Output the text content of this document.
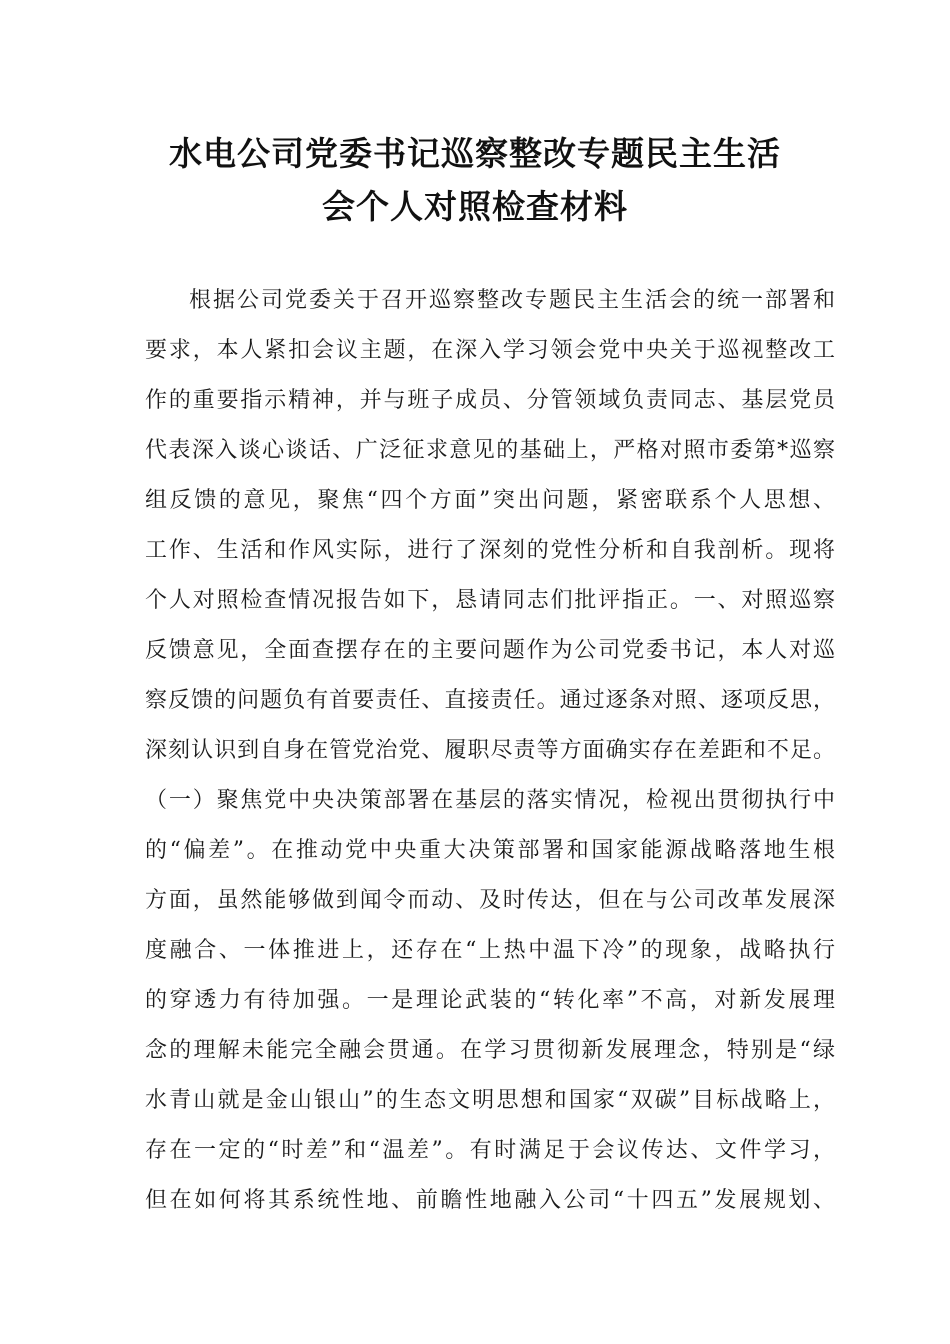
水电公司党委书记巡察整改专题民主生活
会个人对照检查材料
根据公司党委关于召开巡察整改专题民主生活会的统一部署和
要求，本人紧扣会议主题，在深入学习领会党中央关于巡视整改工
作的重要指示精神，并与班子成员、分管领域负责同志、基层党员
代表深入谈心谈话、广泛征求意见的基础上，严格对照市委第*巡察
组反馈的意见，聚焦“四个方面”突出问题，紧密联系个人思想、
工作、生活和作风实际，进行了深刻的党性分析和自我剖析。现将
个人对照检查情况报告如下，恳请同志们批评指正。一、对照巡察
反馈意见，全面查摆存在的主要问题作为公司党委书记，本人对巡
察反馈的问题负有首要责任、直接责任。通过逐条对照、逐项反思，
深刻认识到自身在管党治党、履职尽责等方面确实存在差距和不足。
（一）聚焦党中央决策部署在基层的落实情况，检视出贯彻执行中
的“偏差”。在推动党中央重大决策部署和国家能源战略落地生根
方面，虽然能够做到闻令而动、及时传达，但在与公司改革发展深
度融合、一体推进上，还存在“上热中温下冷”的现象，战略执行
的穿透力有待加强。一是理论武装的“转化率”不高，对新发展理
念的理解未能完全融会贯通。在学习贯彻新发展理念，特别是“绿
水青山就是金山银山”的生态文明思想和国家“双碳”目标战略上，
存在一定的“时差”和“温差”。有时满足于会议传达、文件学习，
但在如何将其系统性地、前瞻性地融入公司“十四五”发展规划、
